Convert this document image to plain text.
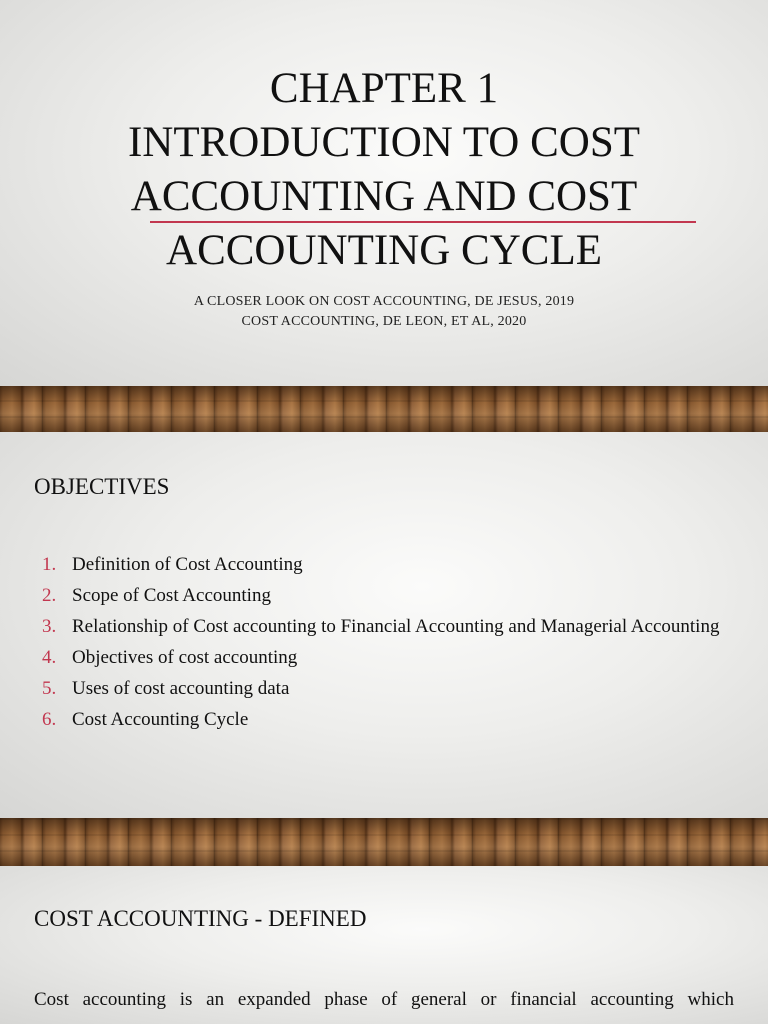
CHAPTER 1
INTRODUCTION TO COST
ACCOUNTING AND COST
ACCOUNTING CYCLE
A CLOSER LOOK ON COST ACCOUNTING, DE JESUS, 2019
COST ACCOUNTING, DE LEON, ET AL, 2020
OBJECTIVES
1. Definition of Cost Accounting
2. Scope of Cost Accounting
3. Relationship of Cost accounting to Financial Accounting and Managerial Accounting
4. Objectives of cost accounting
5. Uses of cost accounting data
6. Cost Accounting Cycle
COST ACCOUNTING - DEFINED

Cost accounting is an expanded phase of general or financial accounting which
